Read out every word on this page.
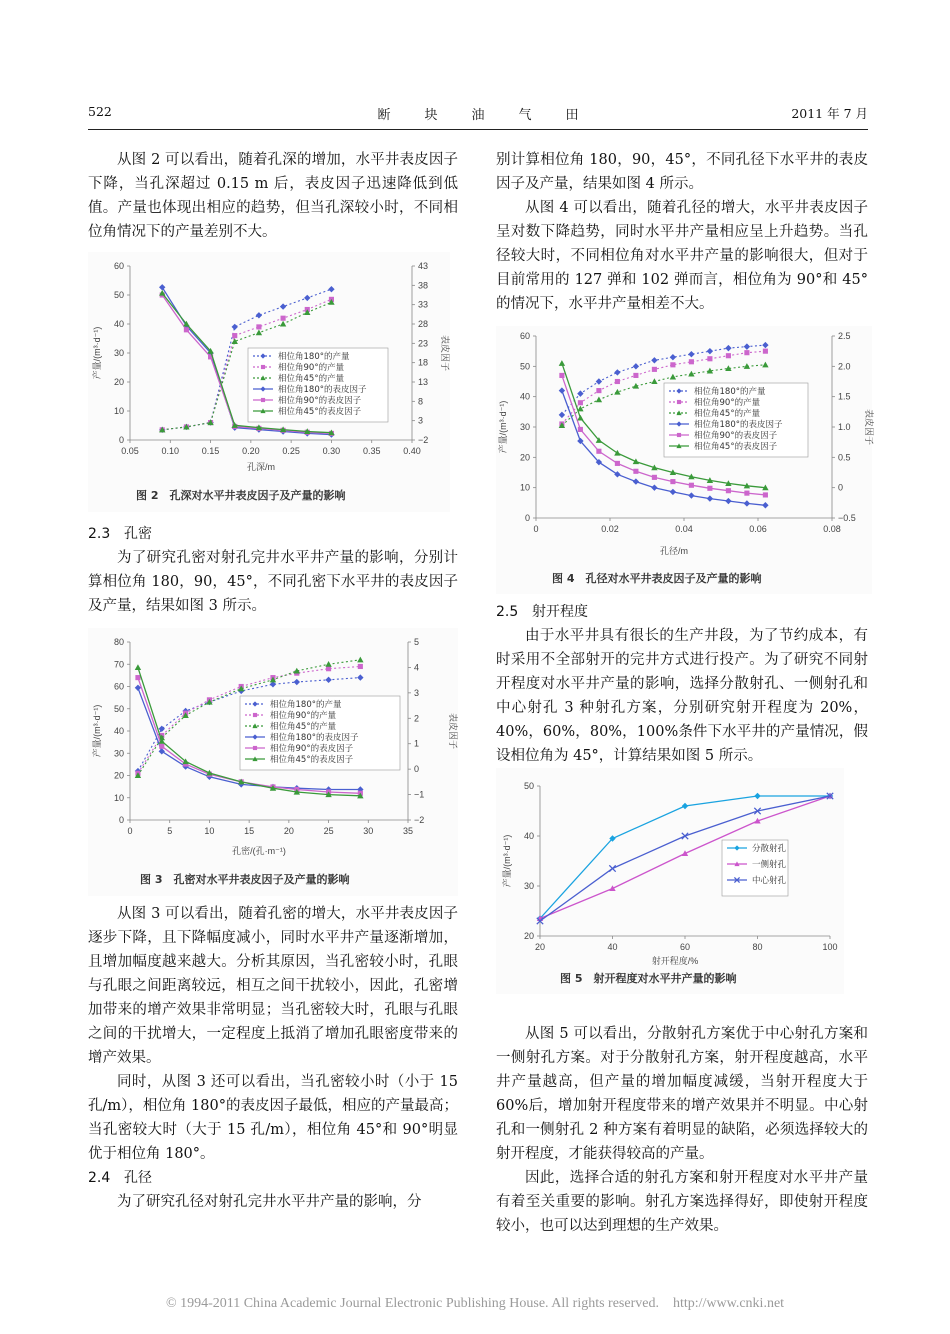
522	断块油气田	2011 年 7 月
从图 2 可以看出，随着孔深的增加，水平井表皮因子下降，当孔深超过 0.15 m 后，表皮因子迅速降低到低值。产量也体现出相应的趋势，但当孔深较小时，不同相位角情况下的产量差别不大。
2.3 孔密
为了研究孔密对射孔完井水平井产量的影响，分别计算相位角 180，90，45°，不同孔密下水平井的表皮因子及产量，结果如图 3 所示。
从图 3 可以看出，随着孔密的增大，水平井表皮因子逐步下降，且下降幅度减小，同时水平井产量逐渐增加，且增加幅度越来越大。分析其原因，当孔密较小时，孔眼与孔眼之间距离较远，相互之间干扰较小，因此，孔密增加带来的增产效果非常明显；当孔密较大时，孔眼与孔眼之间的干扰增大，一定程度上抵消了增加孔眼密度带来的增产效果。
同时，从图 3 还可以看出，当孔密较小时（小于 15 孔/m），相位角 180°的表皮因子最低，相应的产量最高；当孔密较大时（大于 15 孔/m），相位角 45°和 90°明显优于相位角 180°。
2.4 孔径
为了研究孔径对射孔完井水平井产量的影响，分
别计算相位角 180，90，45°，不同孔径下水平井的表皮因子及产量，结果如图 4 所示。
从图 4 可以看出，随着孔径的增大，水平井表皮因子呈对数下降趋势，同时水平井产量相应呈上升趋势。当孔径较大时，不同相位角对水平井产量的影响很大，但对于目前常用的 127 弹和 102 弹而言，相位角为 90°和 45°的情况下，水平井产量相差不大。
2.5 射开程度
由于水平井具有很长的生产井段，为了节约成本，有时采用不全部射开的完井方式进行投产。为了研究不同射开程度对水平井产量的影响，选择分散射孔、一侧射孔和中心射孔 3 种射孔方案，分别研究射开程度为 20%，40%，60%，80%，100%条件下水平井的产量情况，假设相位角为 45°，计算结果如图 5 所示。
从图 5 可以看出，分散射孔方案优于中心射孔方案和一侧射孔方案。对于分散射孔方案，射开程度越高，水平井产量越高，但产量的增加幅度减缓，当射开程度大于 60%后，增加射开程度带来的增产效果并不明显。中心射孔和一侧射孔 2 种方案有着明显的缺陷，必须选择较大的射开程度，才能获得较高的产量。
因此，选择合适的射孔方案和射开程度对水平井产量有着至关重要的影响。射孔方案选择得好，即使射开程度较小，也可以达到理想的生产效果。
0.05	0.10	0.15	0.20	0.25	0.30	0.35	0.40
0
10
20
30
40
50
60
−2
3
8
13
18
23
28
33
38
43
孔深/m
产量/(m³·d⁻¹)	表皮因子
相位角180°的产量
相位角90°的产量
相位角45°的产量
相位角180°的表皮因子
相位角90°的表皮因子
相位角45°的表皮因子
图 2　孔深对水平井表皮因子及产量的影响
0	5	10	15	20	25	30	35
0
10
20
30
40
50
60
70
80
−2
−1
0
1
2
3
4
5
孔密/(孔·m⁻¹)
产量/(m³·d⁻¹)	表皮因子
相位角180°的产量
相位角90°的产量
相位角45°的产量
相位角180°的表皮因子
相位角90°的表皮因子
相位角45°的表皮因子
图 3　孔密对水平井表皮因子及产量的影响
0	0.02	0.04	0.06	0.08
0
10
20
30
40
50
60
−0.5
0
0.5
1.0
1.5
2.0
2.5
孔径/m
产量/(m³·d⁻¹)	表皮因子
相位角180°的产量
相位角90°的产量
相位角45°的产量
相位角180°的表皮因子
相位角90°的表皮因子
相位角45°的表皮因子
图 4　孔径对水平井表皮因子及产量的影响
20	40	60	80	100
20
30
40
50
射开程度/%
产量/(m³·d⁻¹)	分散射孔
一侧射孔
中心射孔
图 5　射开程度对水平井产量的影响
© 1994-2011 China Academic Journal Electronic Publishing House. All rights reserved.　http://www.cnki.net
